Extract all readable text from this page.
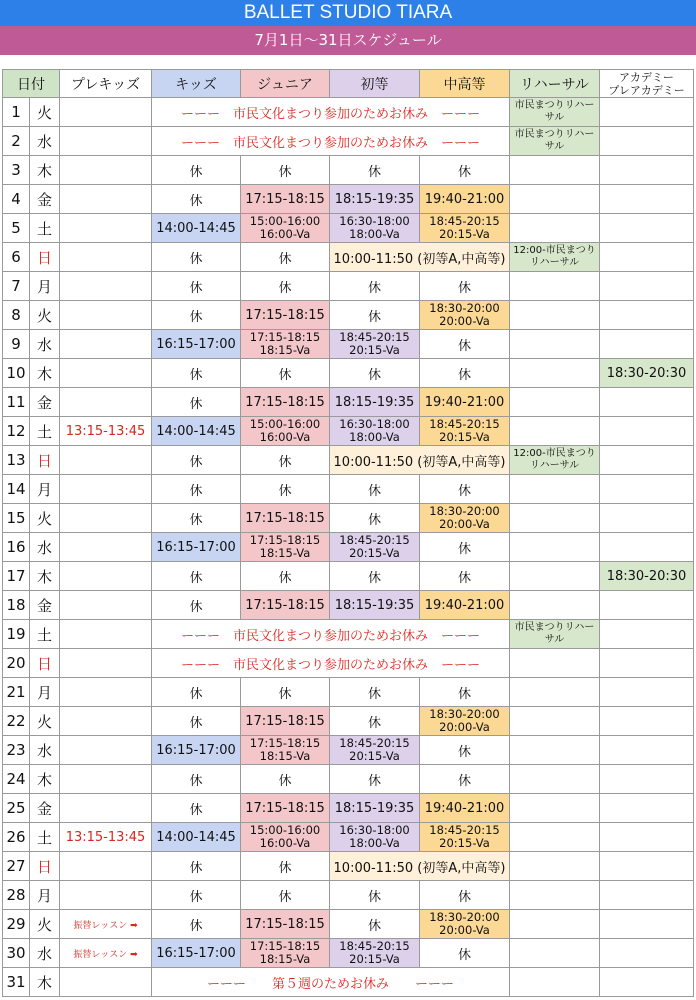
BALLET STUDIO TIARA
7月1日～31日スケジュール
日付		プレキッズ	キッズ	ジュニア	初等	中高等	リハーサル	アカデミー
プレアカデミー
1	火		ーーー　市民文化まつり参加のためお休み　ーーー				市民まつりリハーサル	
2	水		ーーー　市民文化まつり参加のためお休み　ーーー				市民まつりリハーサル	
3	木		休	休	休	休		
4	金		休	17:15-18:15	18:15-19:35	19:40-21:00		
5	土		14:00-14:45	15:00-16:00 16:00-Va	16:30-18:00 18:00-Va	18:45-20:15 20:15-Va		
6	日		休	休	10:00-11:50 (初等A,中高等)		12:00-市民まつりリハーサル	
7	月		休	休	休	休		
8	火		休	17:15-18:15	休	18:30-20:00 20:00-Va		
9	水		16:15-17:00	17:15-18:15 18:15-Va	18:45-20:15 20:15-Va	休		
10	木		休	休	休	休		18:30-20:30
11	金		休	17:15-18:15	18:15-19:35	19:40-21:00		
12	土	13:15-13:45	14:00-14:45	15:00-16:00 16:00-Va	16:30-18:00 18:00-Va	18:45-20:15 20:15-Va		
13	日		休	休	10:00-11:50 (初等A,中高等)		12:00-市民まつりリハーサル	
14	月		休	休	休	休		
15	火		休	17:15-18:15	休	18:30-20:00 20:00-Va		
16	水		16:15-17:00	17:15-18:15 18:15-Va	18:45-20:15 20:15-Va	休		
17	木		休	休	休	休		18:30-20:30
18	金		休	17:15-18:15	18:15-19:35	19:40-21:00		
19	土		ーーー　市民文化まつり参加のためお休み　ーーー				市民まつりリハーサル	
20	日		ーーー　市民文化まつり参加のためお休み　ーーー					
21	月		休	休	休	休		
22	火		休	17:15-18:15	休	18:30-20:00 20:00-Va		
23	水		16:15-17:00	17:15-18:15 18:15-Va	18:45-20:15 20:15-Va	休		
24	木		休	休	休	休		
25	金		休	17:15-18:15	18:15-19:35	19:40-21:00		
26	土	13:15-13:45	14:00-14:45	15:00-16:00 16:00-Va	16:30-18:00 18:00-Va	18:45-20:15 20:15-Va		
27	日		休	休	10:00-11:50 (初等A,中高等)			
28	月		休	休	休	休		
29	火	振替レッスン ➡	休	17:15-18:15	休	18:30-20:00 20:00-Va		
30	水	振替レッスン ➡	16:15-17:00	17:15-18:15 18:15-Va	18:45-20:15 20:15-Va	休		
31	木		ーーー　　第５週のためお休み　　ーーー					
